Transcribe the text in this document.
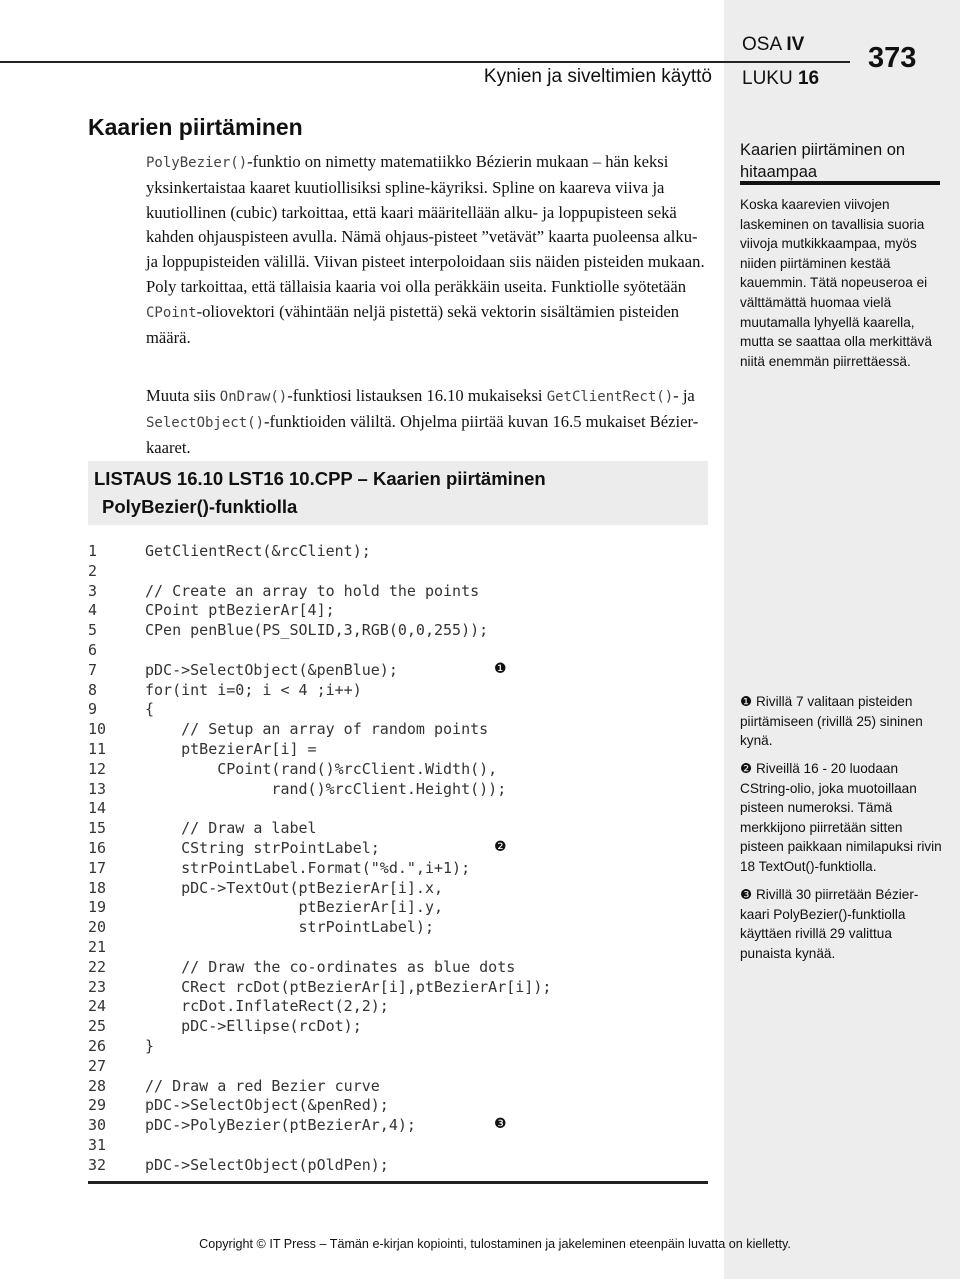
Kynien ja siveltimien käyttö
OSA IV
LUKU 16
373
Kaarien piirtäminen
PolyBezier()-funktio on nimetty matematiikko Bézierin mukaan – hän keksi yksinkertaistaa kaaret kuutiollisiksi spline-käyriksi. Spline on kaareva viiva ja kuutiollinen (cubic) tarkoittaa, että kaari määritellään alku- ja loppupisteen sekä kahden ohjauspisteen avulla. Nämä ohjaus-pisteet ”vetävät” kaarta puoleensa alku- ja loppupisteiden välillä. Viivan pisteet interpoloidaan siis näiden pisteiden mukaan. Poly tarkoittaa, että tällaisia kaaria voi olla peräkkäin useita. Funktiolle syötetään CPoint-oliovektori (vähintään neljä pistettä) sekä vektorin sisältämien pisteiden määrä.
Muuta siis OnDraw()-funktiosi listauksen 16.10 mukaiseksi GetClientRect()- ja SelectObject()-funktioiden väliltä. Ohjelma piirtää kuvan 16.5 mukaiset Bézier-kaaret.
LISTAUS 16.10 LST16 10.CPP – Kaarien piirtäminen
PolyBezier()-funktiolla
1	GetClientRect(&rcClient);
2
3	// Create an array to hold the points
4	CPoint ptBezierAr[4];
5	CPen penBlue(PS_SOLID,3,RGB(0,0,255));
6
7	pDC->SelectObject(&penBlue);	❶
8	for(int i=0; i < 4 ;i++)
9	{
10	// Setup an array of random points
11	ptBezierAr[i] =
12	CPoint(rand()%rcClient.Width(),
13	rand()%rcClient.Height());
14
15	// Draw a label
16	CString strPointLabel;	❷
17	strPointLabel.Format("%d.",i+1);
18	pDC->TextOut(ptBezierAr[i].x,
19	ptBezierAr[i].y,
20	strPointLabel);
21
22	// Draw the co-ordinates as blue dots
23	CRect rcDot(ptBezierAr[i],ptBezierAr[i]);
24	rcDot.InflateRect(2,2);
25	pDC->Ellipse(rcDot);
26	}
27
28	// Draw a red Bezier curve
29	pDC->SelectObject(&penRed);
30	pDC->PolyBezier(ptBezierAr,4);	❸
31
32	pDC->SelectObject(pOldPen);
Kaarien piirtäminen on hitaampaa
Koska kaarevien viivojen laskeminen on tavallisia suoria viivoja mutkikkaampaa, myös niiden piirtäminen kestää kauemmin. Tätä nopeuseroa ei välttämättä huomaa vielä muutamalla lyhyellä kaarella, mutta se saattaa olla merkittävä niitä enemmän piirrettäessä.
❶ Rivillä 7 valitaan pisteiden piirtämiseen (rivillä 25) sininen kynä.
❷ Riveillä 16 - 20 luodaan CString-olio, joka muotoillaan pisteen numeroksi. Tämä merkkijono piirretään sitten pisteen paikkaan nimilapuksi rivin 18 TextOut()-funktiolla.
❸ Rivillä 30 piirretään Bézier-kaari PolyBezier()-funktiolla käyttäen rivillä 29 valittua punaista kynää.
Copyright © IT Press – Tämän e-kirjan kopiointi, tulostaminen ja jakeleminen eteenpäin luvatta on kielletty.
